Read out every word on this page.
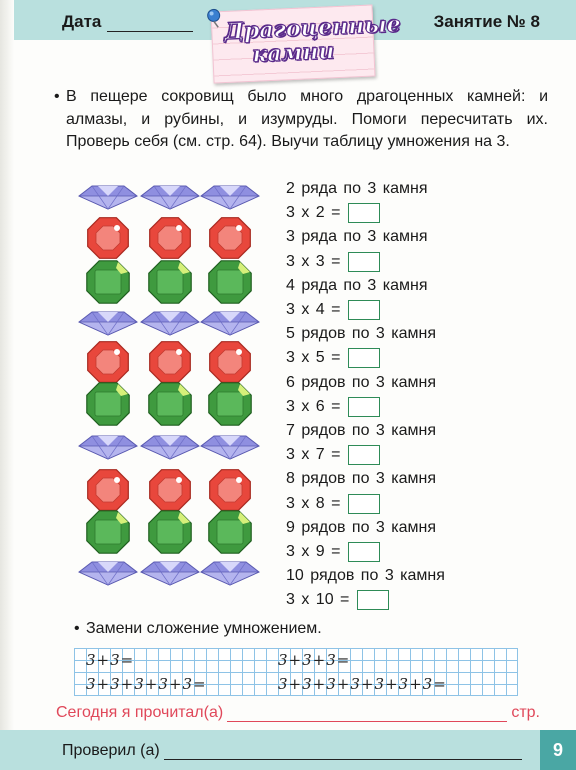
Дата	Занятие № 8
Драгоценные камни
• В пещере сокровищ было много драгоценных камней: и алмазы, и рубины, и изумруды. Помоги пересчитать их. Проверь себя (см. стр. 64). Выучи таблицу умножения на 3.
2 ряда по 3 камня
3 x 2 =
3 ряда по 3 камня
3 x 3 =
4 ряда по 3 камня
3 x 4 =
5 рядов по 3 камня
3 x 5 =
6 рядов по 3 камня
3 x 6 =
7 рядов по 3 камня
3 x 7 =
8 рядов по 3 камня
3 x 8 =
9 рядов по 3 камня
3 x 9 =
10 рядов по 3 камня
3 x 10 =
• Замени сложение умножением.
3+3=	3+3+3=
3+3+3+3+3=	3+3+3+3+3+3+3=
Сегодня я прочитал(а)	стр.
Проверил (а)	9
